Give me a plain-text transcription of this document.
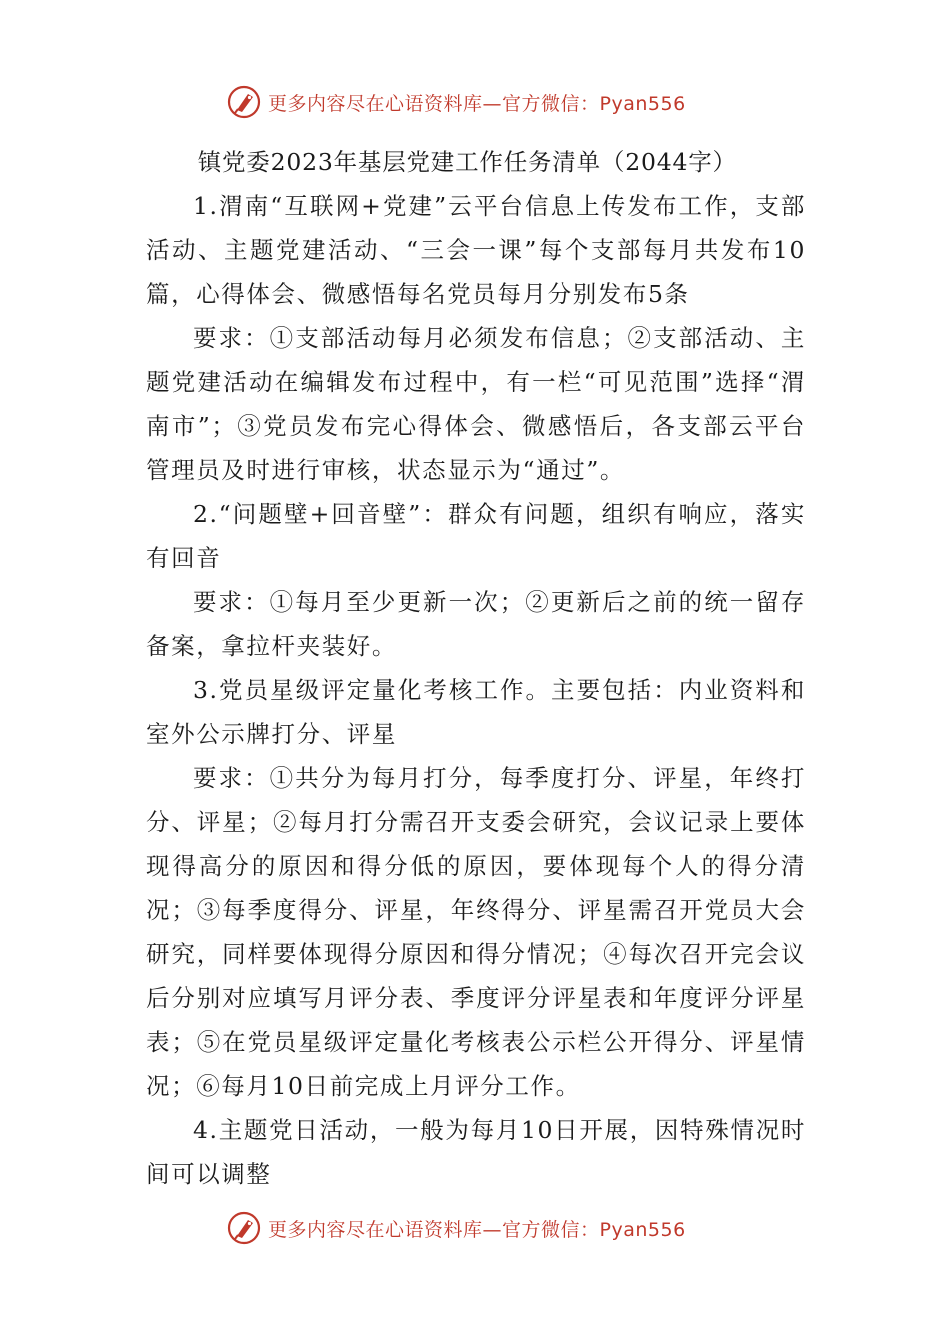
更多内容尽在心语资料库—官方微信：Pyan556

镇党委2023年基层党建工作任务清单（2044字）

1.渭南“互联网+党建”云平台信息上传发布工作，支部活动、主题党建活动、“三会一课”每个支部每月共发布10篇，心得体会、微感悟每名党员每月分别发布5条

要求：①支部活动每月必须发布信息；②支部活动、主题党建活动在编辑发布过程中，有一栏“可见范围”选择“渭南市”；③党员发布完心得体会、微感悟后，各支部云平台管理员及时进行审核，状态显示为“通过”。

2.“问题壁+回音壁”：群众有问题，组织有响应，落实有回音

要求：①每月至少更新一次；②更新后之前的统一留存备案，拿拉杆夹装好。

3.党员星级评定量化考核工作。主要包括：内业资料和室外公示牌打分、评星

要求：①共分为每月打分，每季度打分、评星，年终打分、评星；②每月打分需召开支委会研究，会议记录上要体现得高分的原因和得分低的原因，要体现每个人的得分清况；③每季度得分、评星，年终得分、评星需召开党员大会研究，同样要体现得分原因和得分情况；④每次召开完会议后分别对应填写月评分表、季度评分评星表和年度评分评星表；⑤在党员星级评定量化考核表公示栏公开得分、评星情况；⑥每月10日前完成上月评分工作。

4.主题党日活动，一般为每月10日开展，因特殊情况时间可以调整

更多内容尽在心语资料库—官方微信：Pyan556
